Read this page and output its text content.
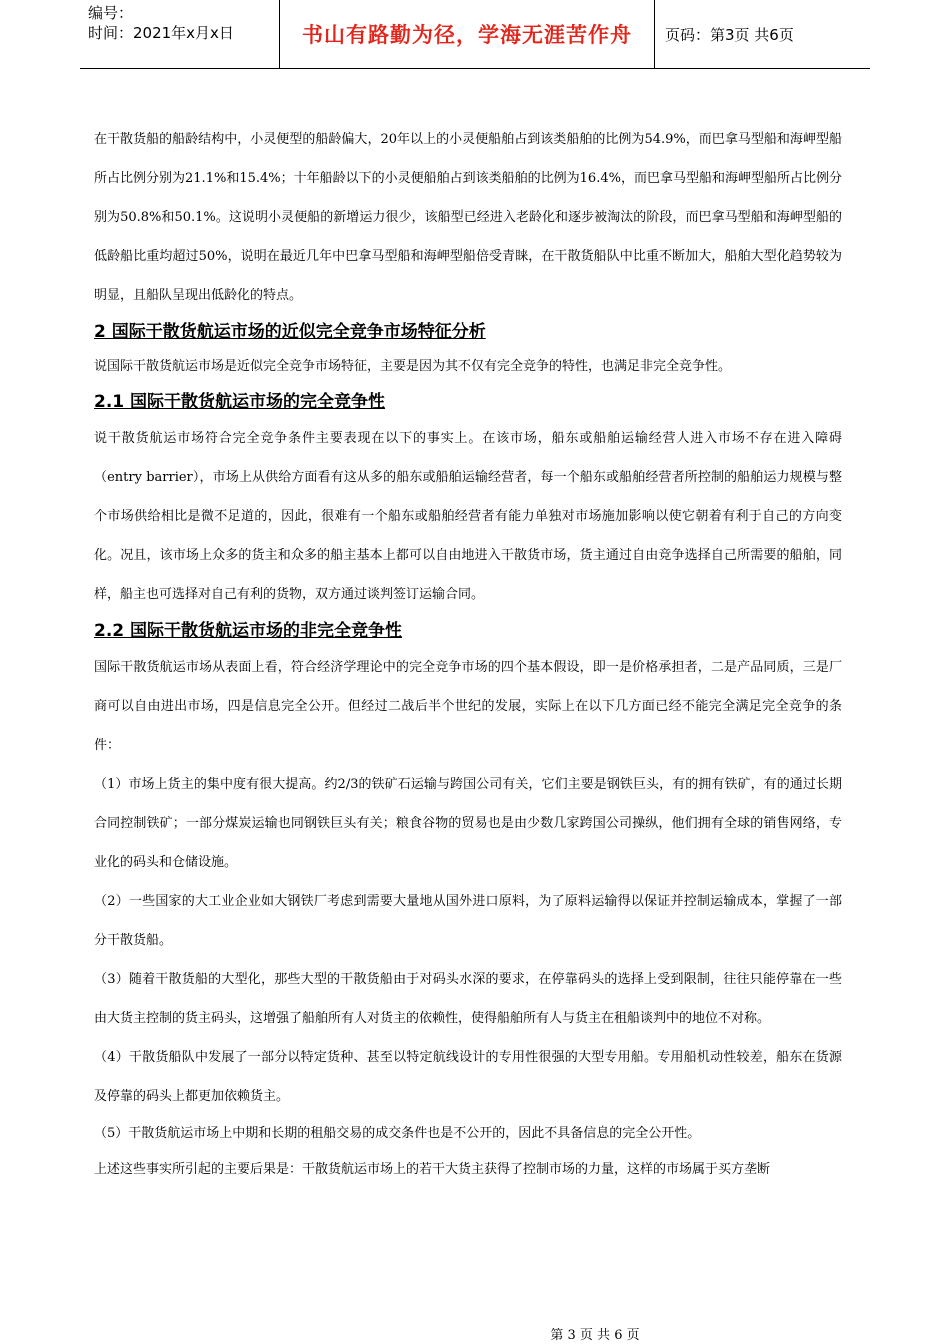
编号：
时间：2021年x月x日	书山有路勤为径，学海无涯苦作舟	页码：第3页 共6页

在干散货船的船龄结构中，小灵便型的船龄偏大，20年以上的小灵便船舶占到该类船舶的比例为54.9%，而巴拿马型船和海岬型船所占比例分别为21.1%和15.4%；十年船龄以下的小灵便船舶占到该类船舶的比例为16.4%，而巴拿马型船和海岬型船所占比例分别为50.8%和50.1%。这说明小灵便船的新增运力很少，该船型已经进入老龄化和逐步被淘汰的阶段，而巴拿马型船和海岬型船的低龄船比重均超过50%，说明在最近几年中巴拿马型船和海岬型船倍受青睐，在干散货船队中比重不断加大，船舶大型化趋势较为明显，且船队呈现出低龄化的特点。

2 国际干散货航运市场的近似完全竞争市场特征分析

说国际干散货航运市场是近似完全竞争市场特征，主要是因为其不仅有完全竞争的特性，也满足非完全竞争性。

2.1 国际干散货航运市场的完全竞争性

说干散货航运市场符合完全竞争条件主要表现在以下的事实上。在该市场，船东或船舶运输经营人进入市场不存在进入障碍（entry barrier），市场上从供给方面看有这从多的船东或船舶运输经营者，每一个船东或船舶经营者所控制的船舶运力规模与整个市场供给相比是微不足道的，因此，很难有一个船东或船舶经营者有能力单独对市场施加影响以使它朝着有利于自己的方向变化。况且，该市场上众多的货主和众多的船主基本上都可以自由地进入干散货市场，货主通过自由竞争选择自己所需要的船舶，同样，船主也可选择对自己有利的货物，双方通过谈判签订运输合同。

2.2 国际干散货航运市场的非完全竞争性

国际干散货航运市场从表面上看，符合经济学理论中的完全竞争市场的四个基本假设，即一是价格承担者，二是产品同质，三是厂商可以自由进出市场，四是信息完全公开。但经过二战后半个世纪的发展，实际上在以下几方面已经不能完全满足完全竞争的条件：

（1）市场上货主的集中度有很大提高。约2/3的铁矿石运输与跨国公司有关，它们主要是钢铁巨头，有的拥有铁矿，有的通过长期合同控制铁矿；一部分煤炭运输也同钢铁巨头有关；粮食谷物的贸易也是由少数几家跨国公司操纵，他们拥有全球的销售网络，专业化的码头和仓储设施。

（2）一些国家的大工业企业如大钢铁厂考虑到需要大量地从国外进口原料，为了原料运输得以保证并控制运输成本，掌握了一部分干散货船。

（3）随着干散货船的大型化，那些大型的干散货船由于对码头水深的要求，在停靠码头的选择上受到限制，往往只能停靠在一些由大货主控制的货主码头，这增强了船舶所有人对货主的依赖性，使得船舶所有人与货主在租船谈判中的地位不对称。

（4）干散货船队中发展了一部分以特定货种、甚至以特定航线设计的专用性很强的大型专用船。专用船机动性较差，船东在货源及停靠的码头上都更加依赖货主。

（5）干散货航运市场上中期和长期的租船交易的成交条件也是不公开的，因此不具备信息的完全公开性。

上述这些事实所引起的主要后果是：干散货航运市场上的若干大货主获得了控制市场的力量，这样的市场属于买方垄断

第 3 页 共 6 页
